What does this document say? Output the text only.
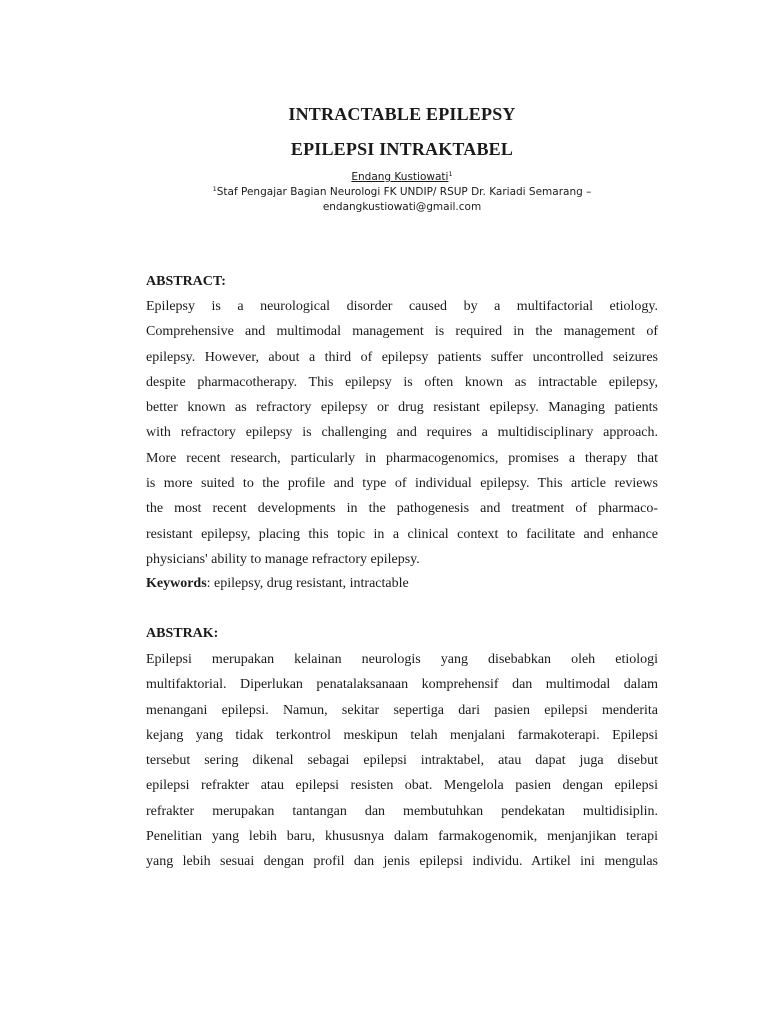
INTRACTABLE EPILEPSY
EPILEPSI INTRAKTABEL
Endang Kustiowati$^1$
$^1$Staf Pengajar Bagian Neurologi FK UNDIP/ RSUP Dr. Kariadi Semarang –
endangkustiowati@gmail.com
ABSTRACT:
Epilepsy is a neurological disorder caused by a multifactorial etiology.
Comprehensive and multimodal management is required in the management of
epilepsy. However, about a third of epilepsy patients suffer uncontrolled seizures
despite pharmacotherapy. This epilepsy is often known as intractable epilepsy,
better known as refractory epilepsy or drug resistant epilepsy. Managing patients
with refractory epilepsy is challenging and requires a multidisciplinary approach.
More recent research, particularly in pharmacogenomics, promises a therapy that
is more suited to the profile and type of individual epilepsy. This article reviews
the most recent developments in the pathogenesis and treatment of pharmaco-
resistant epilepsy, placing this topic in a clinical context to facilitate and enhance
physicians' ability to manage refractory epilepsy.

Keywords: epilepsy, drug resistant, intractable

ABSTRAK:
Epilepsi merupakan kelainan neurologis yang disebabkan oleh etiologi
multifaktorial. Diperlukan penatalaksanaan komprehensif dan multimodal dalam
menangani epilepsi. Namun, sekitar sepertiga dari pasien epilepsi menderita
kejang yang tidak terkontrol meskipun telah menjalani farmakoterapi. Epilepsi
tersebut sering dikenal sebagai epilepsi intraktabel, atau dapat juga disebut
epilepsi refrakter atau epilepsi resisten obat. Mengelola pasien dengan epilepsi
refrakter merupakan tantangan dan membutuhkan pendekatan multidisiplin.
Penelitian yang lebih baru, khususnya dalam farmakogenomik, menjanjikan terapi
yang lebih sesuai dengan profil dan jenis epilepsi individu. Artikel ini mengulas
